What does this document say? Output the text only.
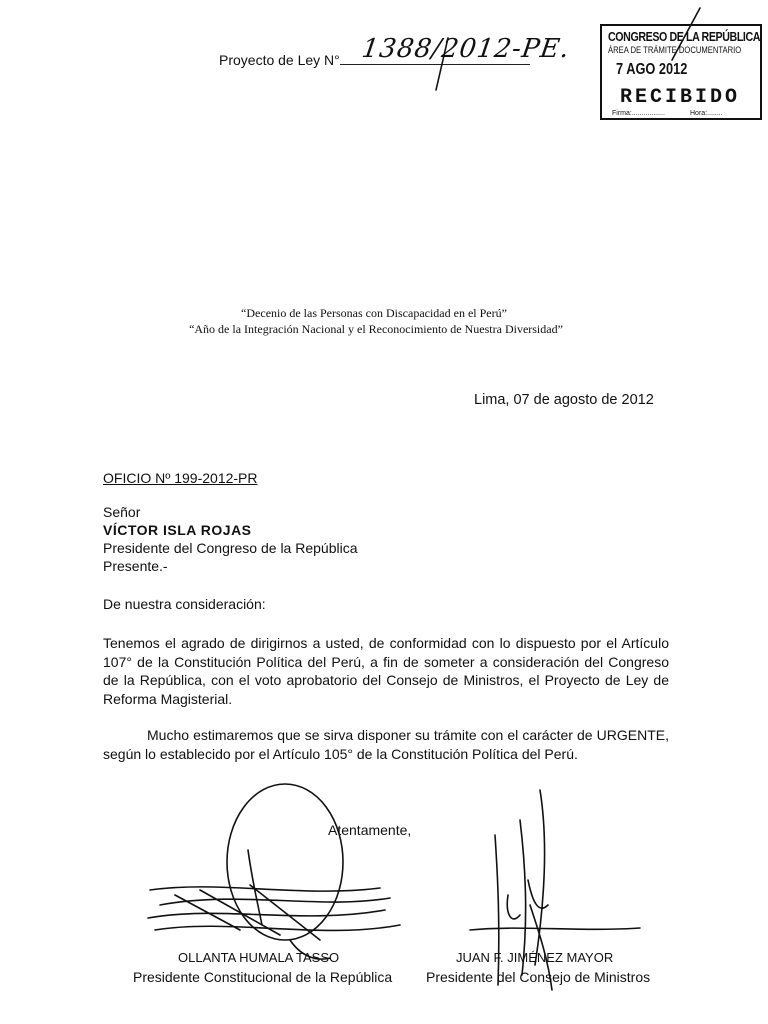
Proyecto de Ley N° 1388/2012-PE.	CONGRESO DE LA REPÚBLICA
ÁREA DE TRÁMITE DOCUMENTARIO
7 AGO 2012
RECIBIDO
Firma:.................	Hora:........
“Decenio de las Personas con Discapacidad en el Perú”
“Año de la Integración Nacional y el Reconocimiento de Nuestra Diversidad”
Lima, 07 de agosto de 2012
OFICIO Nº 199-2012-PR
Señor
VÍCTOR ISLA ROJAS
Presidente del Congreso de la República
Presente.-
De nuestra consideración:
Tenemos el agrado de dirigirnos a usted, de conformidad con lo dispuesto por el Artículo 107° de la Constitución Política del Perú, a fin de someter a consideración del Congreso de la República, con el voto aprobatorio del Consejo de Ministros, el Proyecto de Ley de Reforma Magisterial.
Mucho estimaremos que se sirva disponer su trámite con el carácter de URGENTE, según lo establecido por el Artículo 105° de la Constitución Política del Perú.
Atentamente,
OLLANTA HUMALA TASSO
Presidente Constitucional de la República
JUAN F. JIMÉNEZ MAYOR
Presidente del Consejo de Ministros
